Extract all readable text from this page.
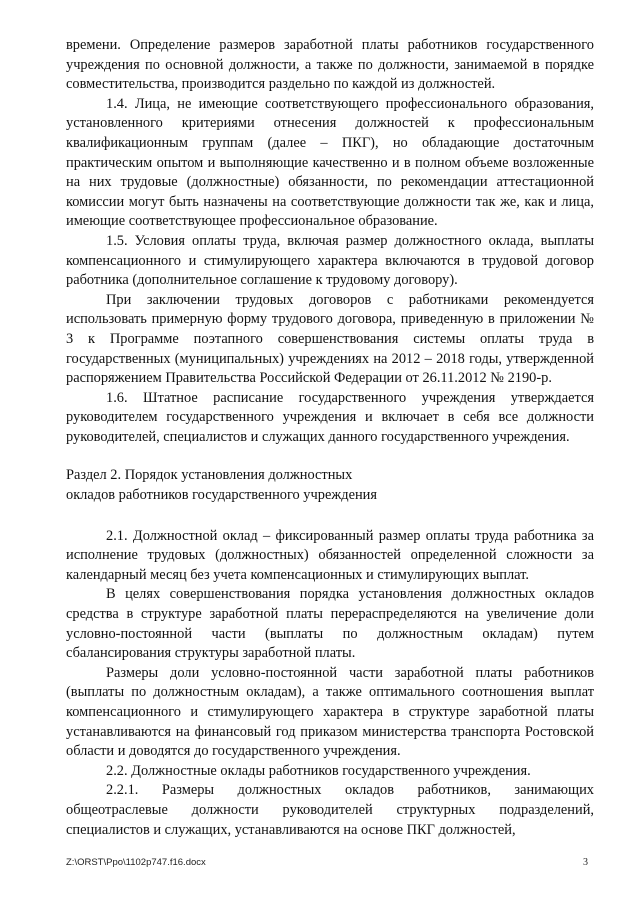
времени. Определение размеров заработной платы работников государственного учреждения по основной должности, а также по должности, занимаемой в порядке совместительства, производится раздельно по каждой из должностей.

1.4. Лица, не имеющие соответствующего профессионального образования, установленного критериями отнесения должностей к профессиональным квалификационным группам (далее – ПКГ), но обладающие достаточным практическим опытом и выполняющие качественно и в полном объеме возложенные на них трудовые (должностные) обязанности, по рекомендации аттестационной комиссии могут быть назначены на соответствующие должности так же, как и лица, имеющие соответствующее профессиональное образование.

1.5. Условия оплаты труда, включая размер должностного оклада, выплаты компенсационного и стимулирующего характера включаются в трудовой договор работника (дополнительное соглашение к трудовому договору).

При заключении трудовых договоров с работниками рекомендуется использовать примерную форму трудового договора, приведенную в приложении № 3 к Программе поэтапного совершенствования системы оплаты труда в государственных (муниципальных) учреждениях на 2012 – 2018 годы, утвержденной распоряжением Правительства Российской Федерации от 26.11.2012 № 2190-р.

1.6. Штатное расписание государственного учреждения утверждается руководителем государственного учреждения и включает в себя все должности руководителей, специалистов и служащих данного государственного учреждения.

Раздел 2. Порядок установления должностных

окладов работников государственного учреждения

2.1. Должностной оклад – фиксированный размер оплаты труда работника за исполнение трудовых (должностных) обязанностей определенной сложности за календарный месяц без учета компенсационных и стимулирующих выплат.

В целях совершенствования порядка установления должностных окладов средства в структуре заработной платы перераспределяются на увеличение доли условно-постоянной части (выплаты по должностным окладам) путем сбалансирования структуры заработной платы.

Размеры доли условно-постоянной части заработной платы работников (выплаты по должностным окладам), а также оптимального соотношения выплат компенсационного и стимулирующего характера в структуре заработной платы устанавливаются на финансовый год приказом министерства транспорта Ростовской области и доводятся до государственного учреждения.

2.2. Должностные оклады работников государственного учреждения.

2.2.1. Размеры должностных окладов работников, занимающих общеотраслевые должности руководителей структурных подразделений, специалистов и служащих, устанавливаются на основе ПКГ должностей,

Z:\ORST\Ppo\1102p747.f16.docx	3
